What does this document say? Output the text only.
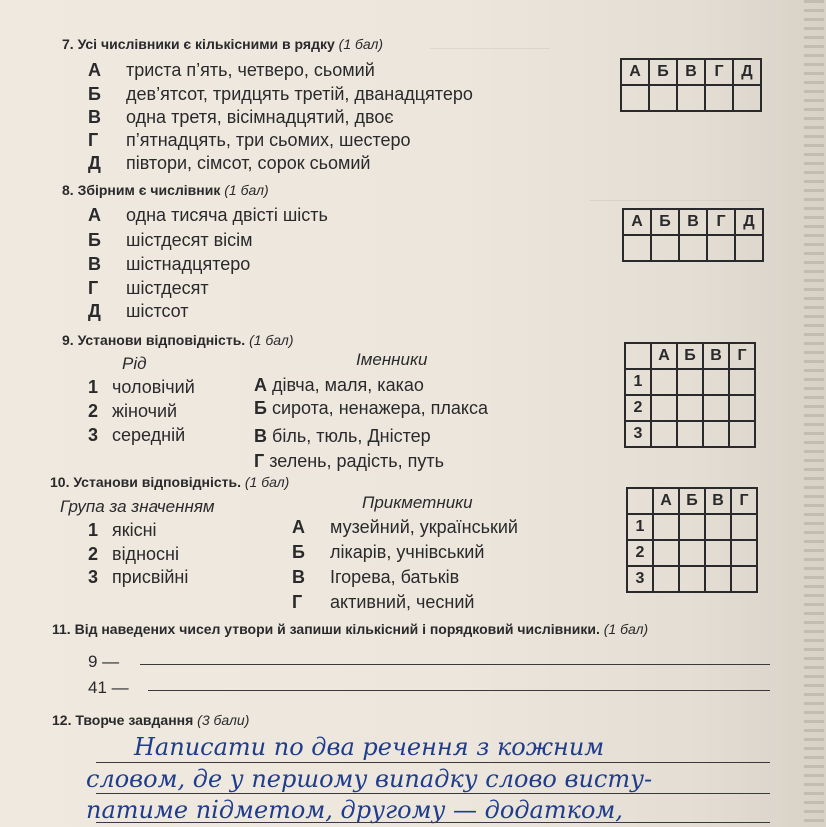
7. Усі числівники є кількісними в рядку (1 бал)
А триста п’ять, четверо, сьомий
Б дев’ятсот, тридцять третій, дванадцятеро
В одна третя, вісімнадцятий, двоє
Г п’ятнадцять, три сьомих, шестеро
Д півтори, сімсот, сорок сьомий
А	Б	В	Г	Д

8. Збірним є числівник (1 бал)
А одна тисяча двісті шість
Б шістдесят вісім
В шістнадцятеро
Г шістдесят
Д шістсот
А	Б	В	Г	Д

9. Установи відповідність. (1 бал)
Рід	Іменники
1 чоловічий
2 жіночий
3 середній
А дівча, маля, какао
Б сирота, ненажера, плакса
В біль, тюль, Дністер
Г зелень, радість, путь
	А	Б	В	Г
1				
2				
3				
10. Установи відповідність. (1 бал)
Група за значенням	Прикметники
1 якісні
2 відносні
3 присвійні
А музейний, український
Б лікарів, учнівський
В Ігорева, батьків
Г активний, чесний
	А	Б	В	Г
1				
2				
3				
11. Від наведених чисел утвори й запиши кількісний і порядковий числівники. (1 бал)
9 —
41 —
12. Творче завдання (3 бали)
Написати по два речення з кожним
словом, де у першому випадку слово висту-
патиме підметом, другому — додатком,
